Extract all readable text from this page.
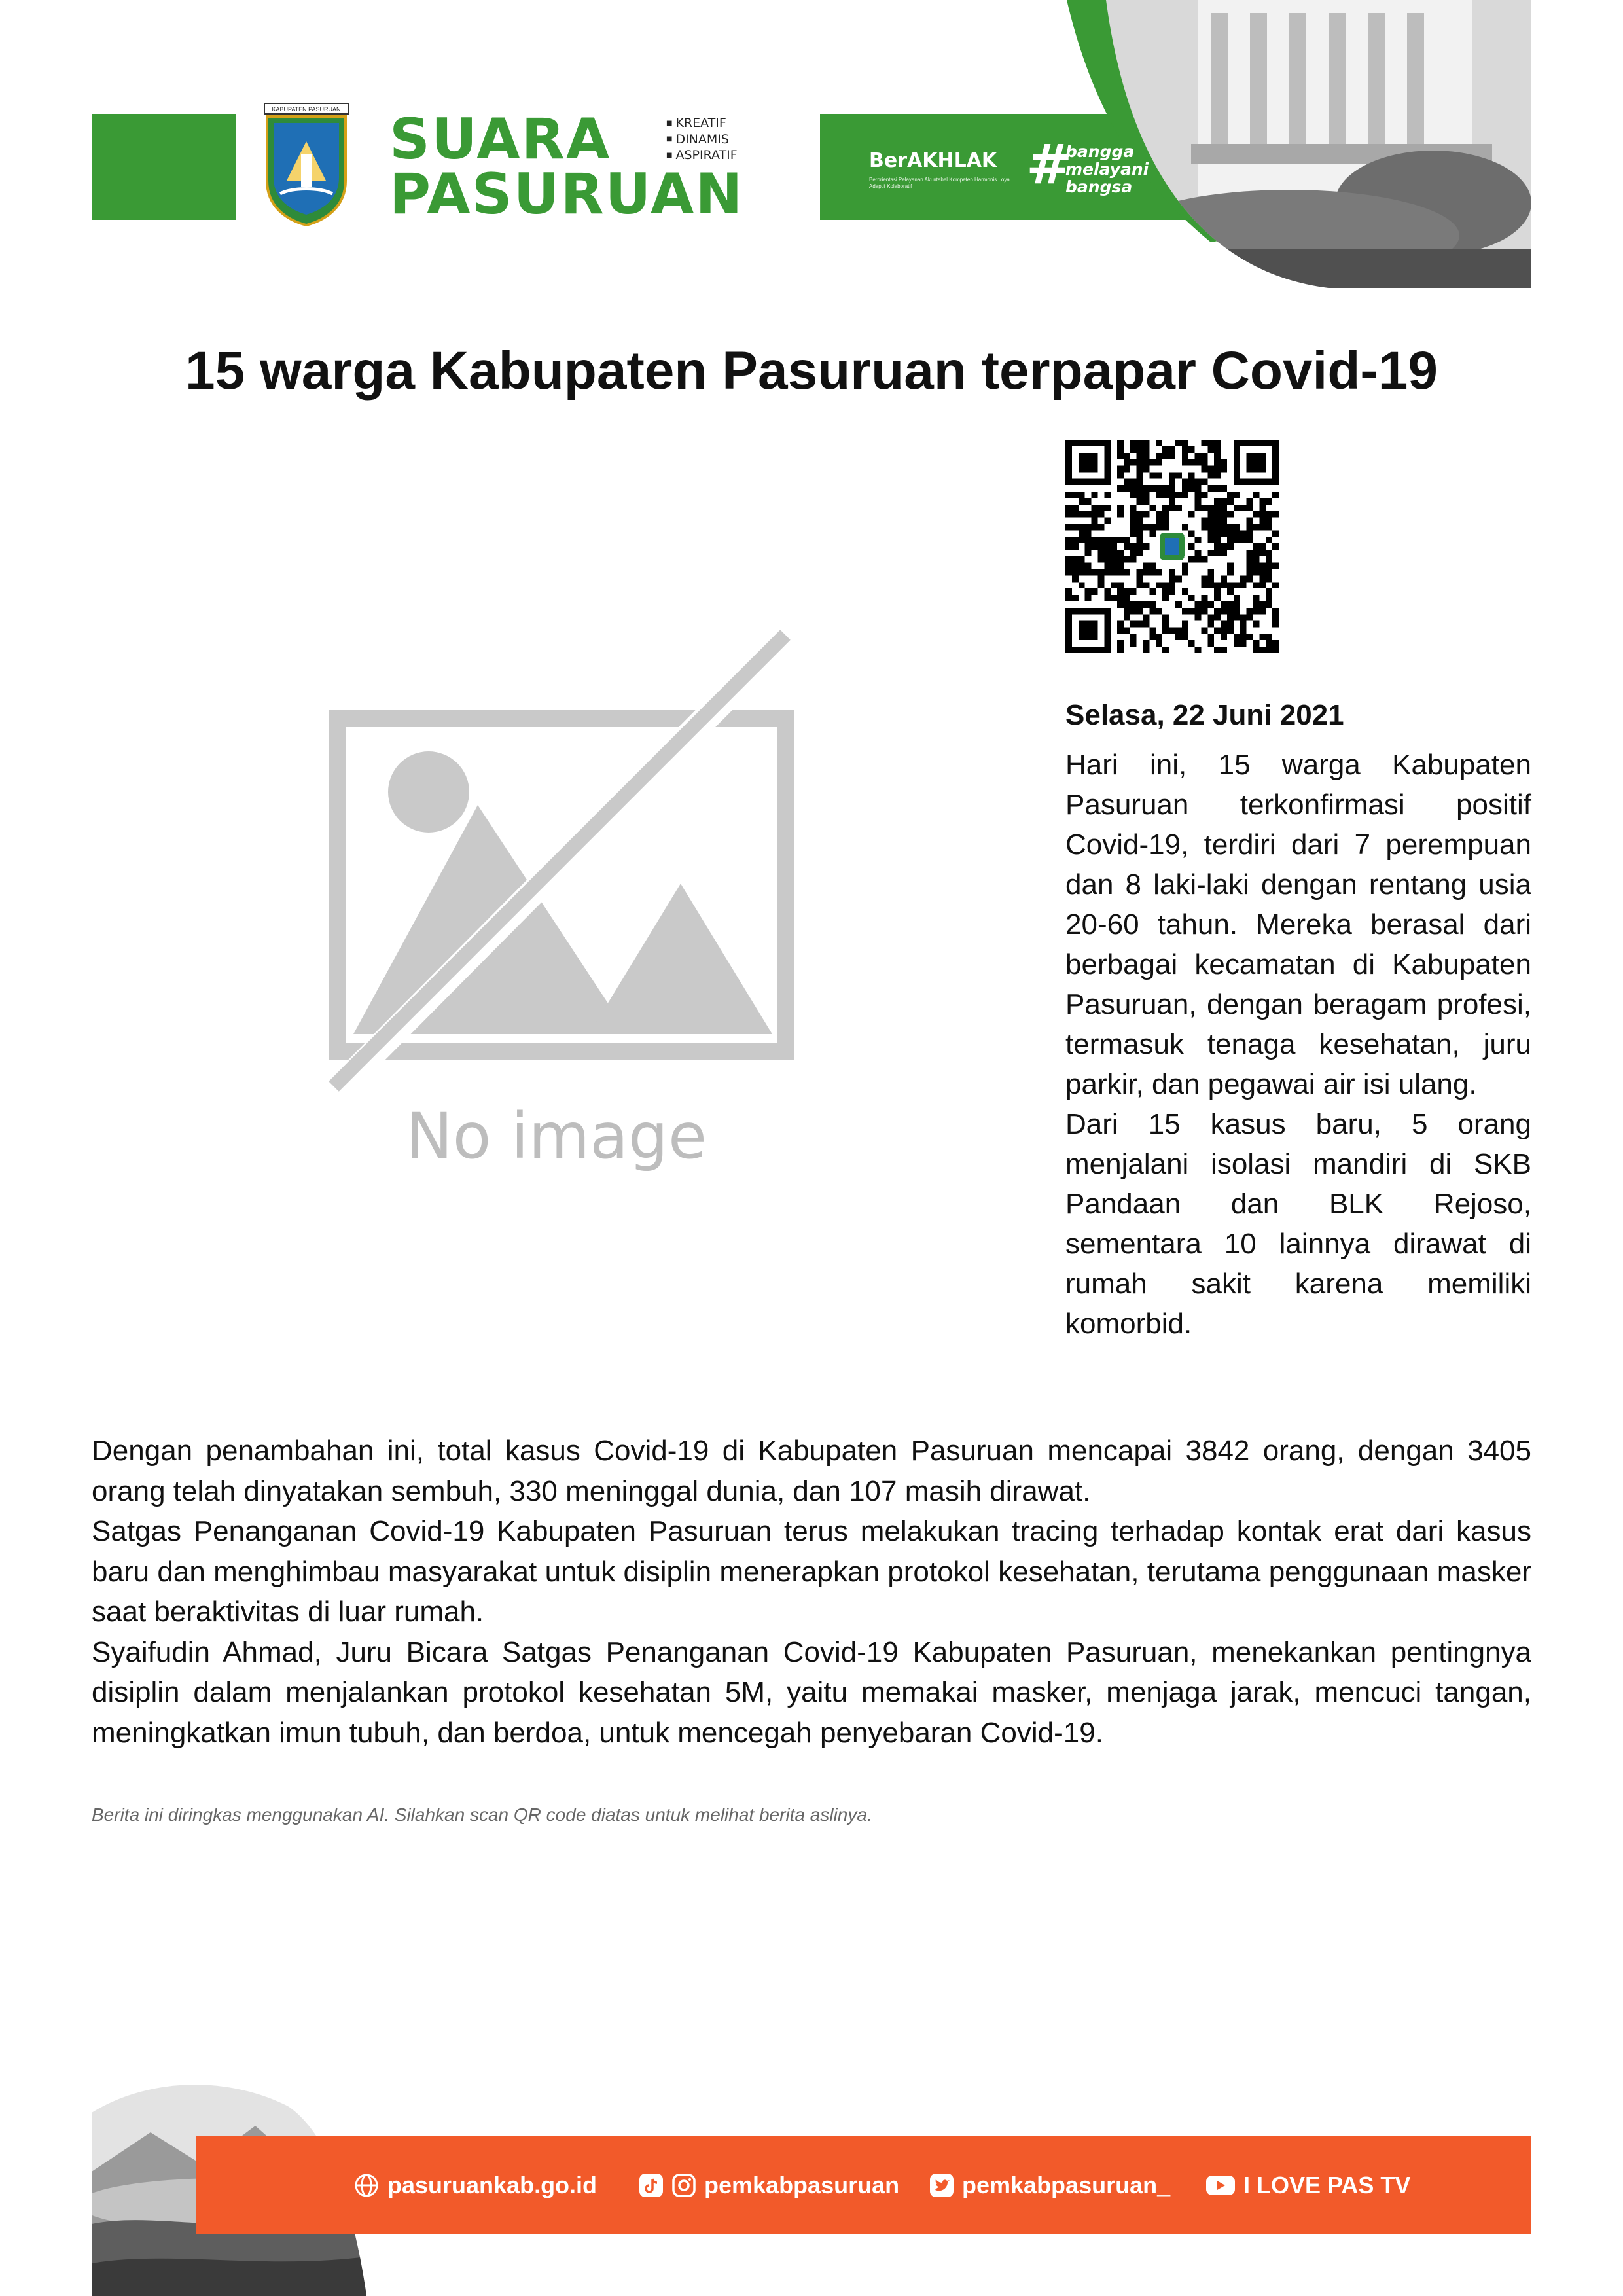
KABUPATEN PASURUAN SUARA
PASURUAN
■ KREATIF
■ DINAMIS
■ ASPIRATIF	BerAKHLAK
Berorientasi Pelayanan Akuntabel Kompeten Harmonis Loyal Adaptif Kolaboratif	#
bangga
melayani
bangsa
15 warga Kabupaten Pasuruan terpapar Covid-19
No image
Selasa, 22 Juni 2021

Hari ini, 15 warga Kabupaten Pasuruan terkonfirmasi positif Covid-19, terdiri dari 7 perempuan dan 8 laki-laki dengan rentang usia 20-60 tahun. Mereka berasal dari berbagai kecamatan di Kabupaten Pasuruan, dengan beragam profesi, termasuk tenaga kesehatan, juru parkir, dan pegawai air isi ulang.

Dari 15 kasus baru, 5 orang menjalani isolasi mandiri di SKB Pandaan dan BLK Rejoso, sementara 10 lainnya dirawat di rumah sakit karena memiliki komorbid.

Dengan penambahan ini, total kasus Covid-19 di Kabupaten Pasuruan mencapai 3842 orang, dengan 3405 orang telah dinyatakan sembuh, 330 meninggal dunia, dan 107 masih dirawat.

Satgas Penanganan Covid-19 Kabupaten Pasuruan terus melakukan tracing terhadap kontak erat dari kasus baru dan menghimbau masyarakat untuk disiplin menerapkan protokol kesehatan, terutama penggunaan masker saat beraktivitas di luar rumah.

Syaifudin Ahmad, Juru Bicara Satgas Penanganan Covid-19 Kabupaten Pasuruan, menekankan pentingnya disiplin dalam menjalankan protokol kesehatan 5M, yaitu memakai masker, menjaga jarak, mencuci tangan, meningkatkan imun tubuh, dan berdoa, untuk mencegah penyebaran Covid-19.

Berita ini diringkas menggunakan AI. Silahkan scan QR code diatas untuk melihat berita aslinya.
pasuruankab.go.id	pemkabpasuruan	pemkabpasuruan_	I LOVE PAS TV
